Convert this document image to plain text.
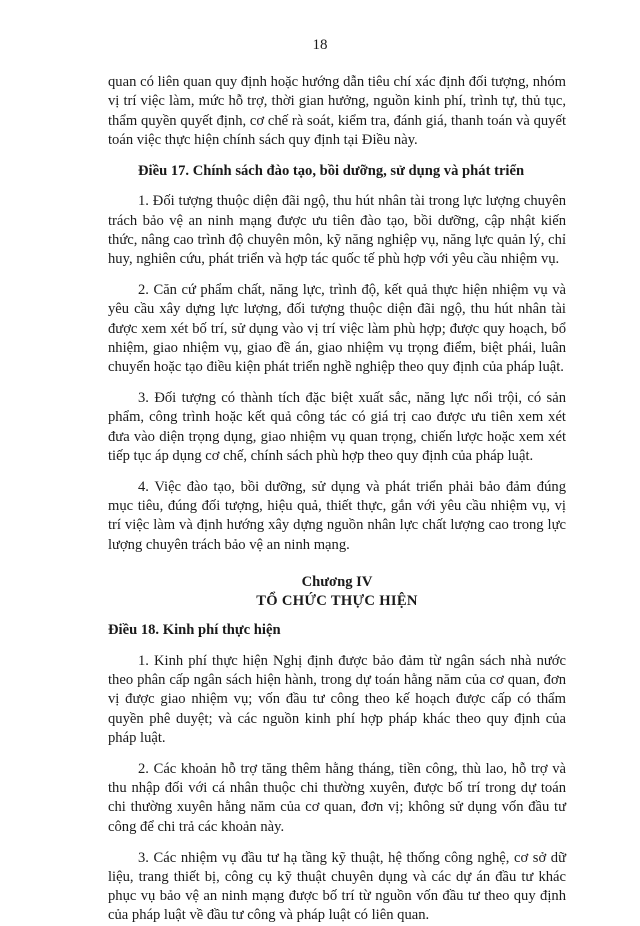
18

quan có liên quan quy định hoặc hướng dẫn tiêu chí xác định đối tượng, nhóm vị trí việc làm, mức hỗ trợ, thời gian hưởng, nguồn kinh phí, trình tự, thủ tục, thẩm quyền quyết định, cơ chế rà soát, kiểm tra, đánh giá, thanh toán và quyết toán việc thực hiện chính sách quy định tại Điều này.

Điều 17. Chính sách đào tạo, bồi dưỡng, sử dụng và phát triển

1. Đối tượng thuộc diện đãi ngộ, thu hút nhân tài trong lực lượng chuyên trách bảo vệ an ninh mạng được ưu tiên đào tạo, bồi dưỡng, cập nhật kiến thức, nâng cao trình độ chuyên môn, kỹ năng nghiệp vụ, năng lực quản lý, chỉ huy, nghiên cứu, phát triển và hợp tác quốc tế phù hợp với yêu cầu nhiệm vụ.

2. Căn cứ phẩm chất, năng lực, trình độ, kết quả thực hiện nhiệm vụ và yêu cầu xây dựng lực lượng, đối tượng thuộc diện đãi ngộ, thu hút nhân tài được xem xét bố trí, sử dụng vào vị trí việc làm phù hợp; được quy hoạch, bổ nhiệm, giao nhiệm vụ, giao đề án, giao nhiệm vụ trọng điểm, biệt phái, luân chuyển hoặc tạo điều kiện phát triển nghề nghiệp theo quy định của pháp luật.

3. Đối tượng có thành tích đặc biệt xuất sắc, năng lực nổi trội, có sản phẩm, công trình hoặc kết quả công tác có giá trị cao được ưu tiên xem xét đưa vào diện trọng dụng, giao nhiệm vụ quan trọng, chiến lược hoặc xem xét tiếp tục áp dụng cơ chế, chính sách phù hợp theo quy định của pháp luật.

4. Việc đào tạo, bồi dưỡng, sử dụng và phát triển phải bảo đảm đúng mục tiêu, đúng đối tượng, hiệu quả, thiết thực, gắn với yêu cầu nhiệm vụ, vị trí việc làm và định hướng xây dựng nguồn nhân lực chất lượng cao trong lực lượng chuyên trách bảo vệ an ninh mạng.

Chương IV
TỔ CHỨC THỰC HIỆN
Điều 18. Kinh phí thực hiện

1. Kinh phí thực hiện Nghị định được bảo đảm từ ngân sách nhà nước theo phân cấp ngân sách hiện hành, trong dự toán hằng năm của cơ quan, đơn vị được giao nhiệm vụ; vốn đầu tư công theo kế hoạch được cấp có thẩm quyền phê duyệt; và các nguồn kinh phí hợp pháp khác theo quy định của pháp luật.

2. Các khoản hỗ trợ tăng thêm hằng tháng, tiền công, thù lao, hỗ trợ và thu nhập đối với cá nhân thuộc chi thường xuyên, được bố trí trong dự toán chi thường xuyên hằng năm của cơ quan, đơn vị; không sử dụng vốn đầu tư công để chi trả các khoản này.

3. Các nhiệm vụ đầu tư hạ tầng kỹ thuật, hệ thống công nghệ, cơ sở dữ liệu, trang thiết bị, công cụ kỹ thuật chuyên dụng và các dự án đầu tư khác phục vụ bảo vệ an ninh mạng được bố trí từ nguồn vốn đầu tư theo quy định của pháp luật về đầu tư công và pháp luật có liên quan.
